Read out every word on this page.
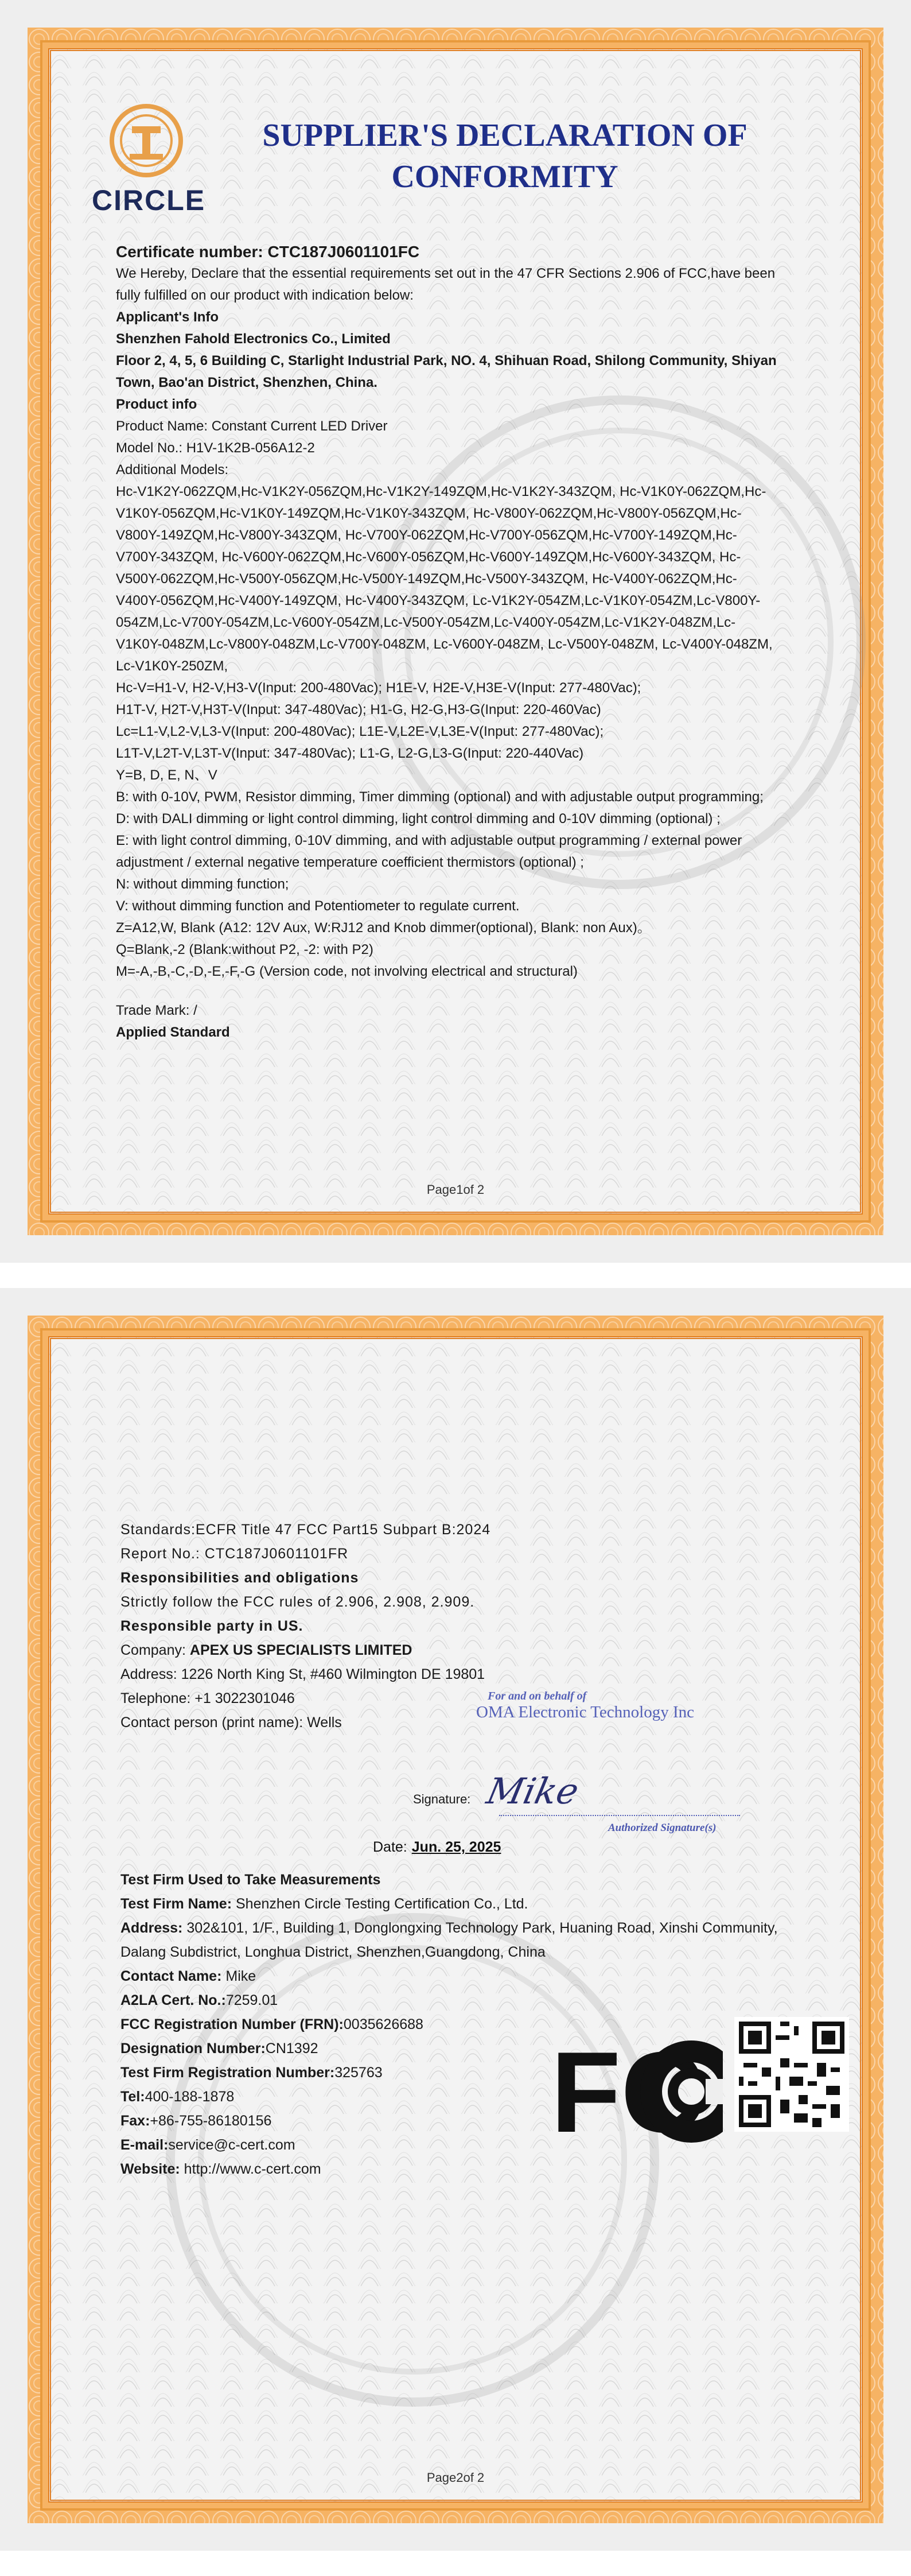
CIRCLE
SUPPLIER'S DECLARATION OF CONFORMITY
Certificate number: CTC187J0601101FC
We Hereby, Declare that the essential requirements set out in the 47 CFR Sections 2.906 of FCC,have been fully fulfilled on our product with indication below:
Applicant's Info
Shenzhen Fahold Electronics Co., Limited
Floor 2, 4, 5, 6 Building C, Starlight Industrial Park, NO. 4, Shihuan Road, Shilong Community, Shiyan Town, Bao'an District, Shenzhen, China.
Product info
Product Name: Constant Current LED Driver
Model No.: H1V-1K2B-056A12-2
Additional Models:
Hc-V1K2Y-062ZQM,Hc-V1K2Y-056ZQM,Hc-V1K2Y-149ZQM,Hc-V1K2Y-343ZQM, Hc-V1K0Y-062ZQM,Hc-V1K0Y-056ZQM,Hc-V1K0Y-149ZQM,Hc-V1K0Y-343ZQM, Hc-V800Y-062ZQM,Hc-V800Y-056ZQM,Hc-V800Y-149ZQM,Hc-V800Y-343ZQM, Hc-V700Y-062ZQM,Hc-V700Y-056ZQM,Hc-V700Y-149ZQM,Hc-V700Y-343ZQM, Hc-V600Y-062ZQM,Hc-V600Y-056ZQM,Hc-V600Y-149ZQM,Hc-V600Y-343ZQM, Hc-V500Y-062ZQM,Hc-V500Y-056ZQM,Hc-V500Y-149ZQM,Hc-V500Y-343ZQM, Hc-V400Y-062ZQM,Hc-V400Y-056ZQM,Hc-V400Y-149ZQM, Hc-V400Y-343ZQM, Lc-V1K2Y-054ZM,Lc-V1K0Y-054ZM,Lc-V800Y-054ZM,Lc-V700Y-054ZM,Lc-V600Y-054ZM,Lc-V500Y-054ZM,Lc-V400Y-054ZM,Lc-V1K2Y-048ZM,Lc-V1K0Y-048ZM,Lc-V800Y-048ZM,Lc-V700Y-048ZM, Lc-V600Y-048ZM, Lc-V500Y-048ZM, Lc-V400Y-048ZM, Lc-V1K0Y-250ZM,
Hc-V=H1-V, H2-V,H3-V(Input: 200-480Vac); H1E-V, H2E-V,H3E-V(Input: 277-480Vac);
H1T-V, H2T-V,H3T-V(Input: 347-480Vac); H1-G, H2-G,H3-G(Input: 220-460Vac)
Lc=L1-V,L2-V,L3-V(Input: 200-480Vac); L1E-V,L2E-V,L3E-V(Input: 277-480Vac);
L1T-V,L2T-V,L3T-V(Input: 347-480Vac); L1-G, L2-G,L3-G(Input: 220-440Vac)
Y=B, D, E, N、V
B: with 0-10V, PWM, Resistor dimming, Timer dimming (optional) and with adjustable output programming;
D: with DALI dimming or light control dimming, light control dimming and 0-10V dimming (optional) ;
E: with light control dimming, 0-10V dimming, and with adjustable output programming / external power adjustment / external negative temperature coefficient thermistors (optional) ;
N: without dimming function;
V: without dimming function and Potentiometer to regulate current.
Z=A12,W, Blank (A12: 12V Aux, W:RJ12 and Knob dimmer(optional), Blank: non Aux)。
Q=Blank,-2 (Blank:without P2, -2: with P2)
M=-A,-B,-C,-D,-E,-F,-G (Version code, not involving electrical and structural)
Trade Mark: /
Applied Standard
Page1of 2
Standards:ECFR Title 47 FCC Part15 Subpart B:2024
Report No.: CTC187J0601101FR
Responsibilities and obligations
Strictly follow the FCC rules of 2.906, 2.908, 2.909.
Responsible party in US.
Company: APEX US SPECIALISTS LIMITED
Address: 1226 North King St, #460 Wilmington DE 19801
Telephone: +1 3022301046
Contact person (print name): Wells
For and on behalf of
OMA Electronic Technology Inc
Signature: Mike
Authorized Signature(s)
Date: Jun. 25, 2025
Test Firm Used to Take Measurements
Test Firm Name: Shenzhen Circle Testing Certification Co., Ltd.
Address: 302&101, 1/F., Building 1, Donglongxing Technology Park, Huaning Road, Xinshi Community, Dalang Subdistrict, Longhua District, Shenzhen,Guangdong, China
Contact Name: Mike
A2LA Cert. No.:7259.01
FCC Registration Number (FRN):0035626688
Designation Number:CN1392
Test Firm Registration Number:325763
Tel:400-188-1878
Fax:+86-755-86180156
E-mail:service@c-cert.com
Website: http://www.c-cert.com
FC
Page2of 2
